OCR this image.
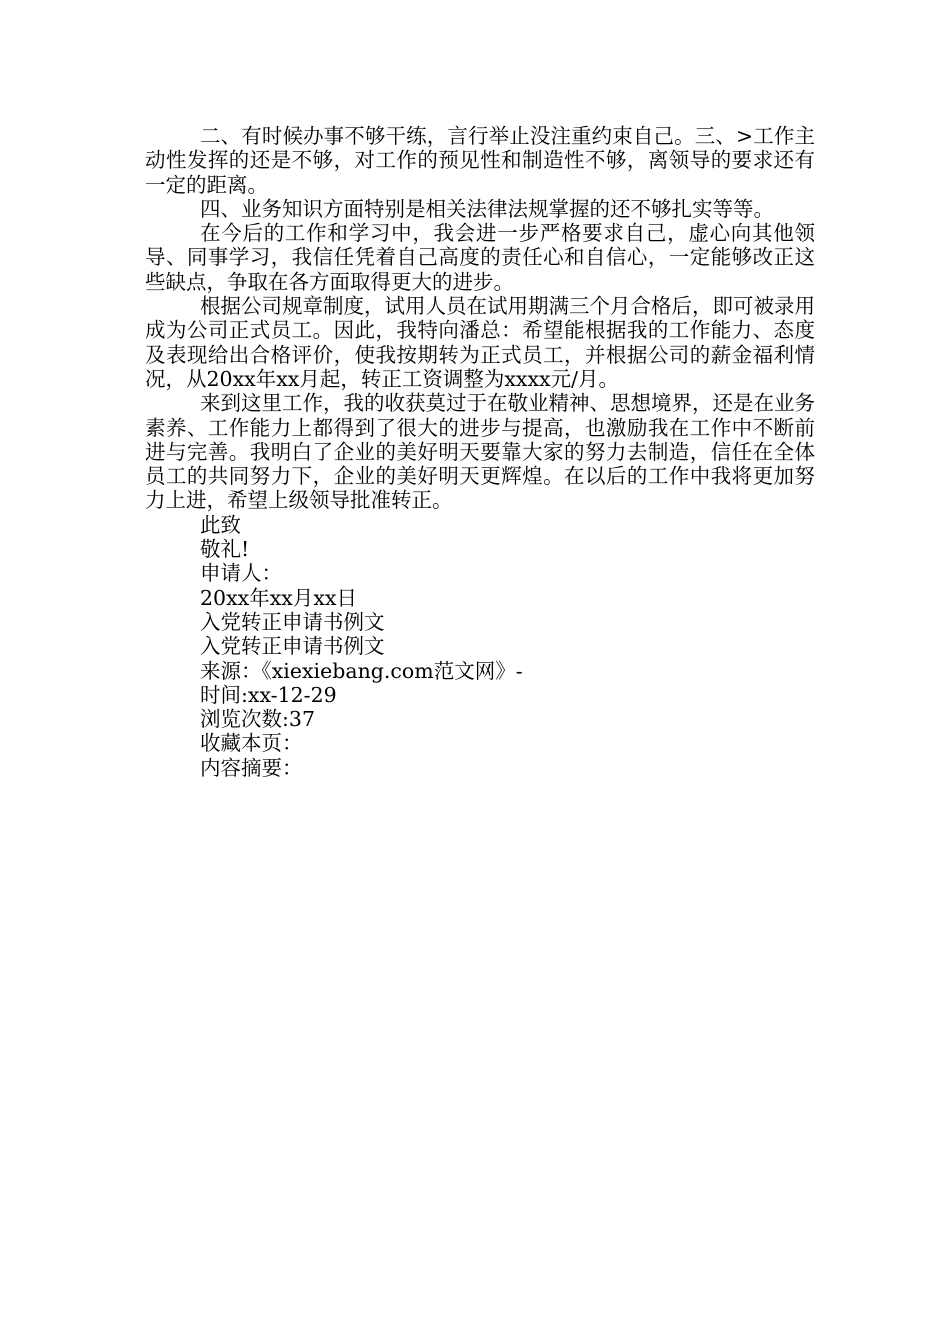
二、有时候办事不够干练，言行举止没注重约束自己。三、>工作主动性发挥的还是不够，对工作的预见性和制造性不够，离领导的要求还有一定的距离。

四、业务知识方面特别是相关法律法规掌握的还不够扎实等等。

在今后的工作和学习中，我会进一步严格要求自己，虚心向其他领导、同事学习，我信任凭着自己高度的责任心和自信心，一定能够改正这些缺点，争取在各方面取得更大的进步。

根据公司规章制度，试用人员在试用期满三个月合格后，即可被录用成为公司正式员工。因此，我特向潘总：希望能根据我的工作能力、态度及表现给出合格评价，使我按期转为正式员工，并根据公司的薪金福利情况，从20xx年xx月起，转正工资调整为xxxx元/月。

来到这里工作，我的收获莫过于在敬业精神、思想境界，还是在业务素养、工作能力上都得到了很大的进步与提高，也激励我在工作中不断前进与完善。我明白了企业的美好明天要靠大家的努力去制造，信任在全体员工的共同努力下，企业的美好明天更辉煌。在以后的工作中我将更加努力上进，希望上级领导批准转正。

此致

敬礼!

申请人：

20xx年xx月xx日

入党转正申请书例文

入党转正申请书例文

来源：《xiexiebang.com范文网》-

时间:xx-12-29

浏览次数:37

收藏本页：

内容摘要：
